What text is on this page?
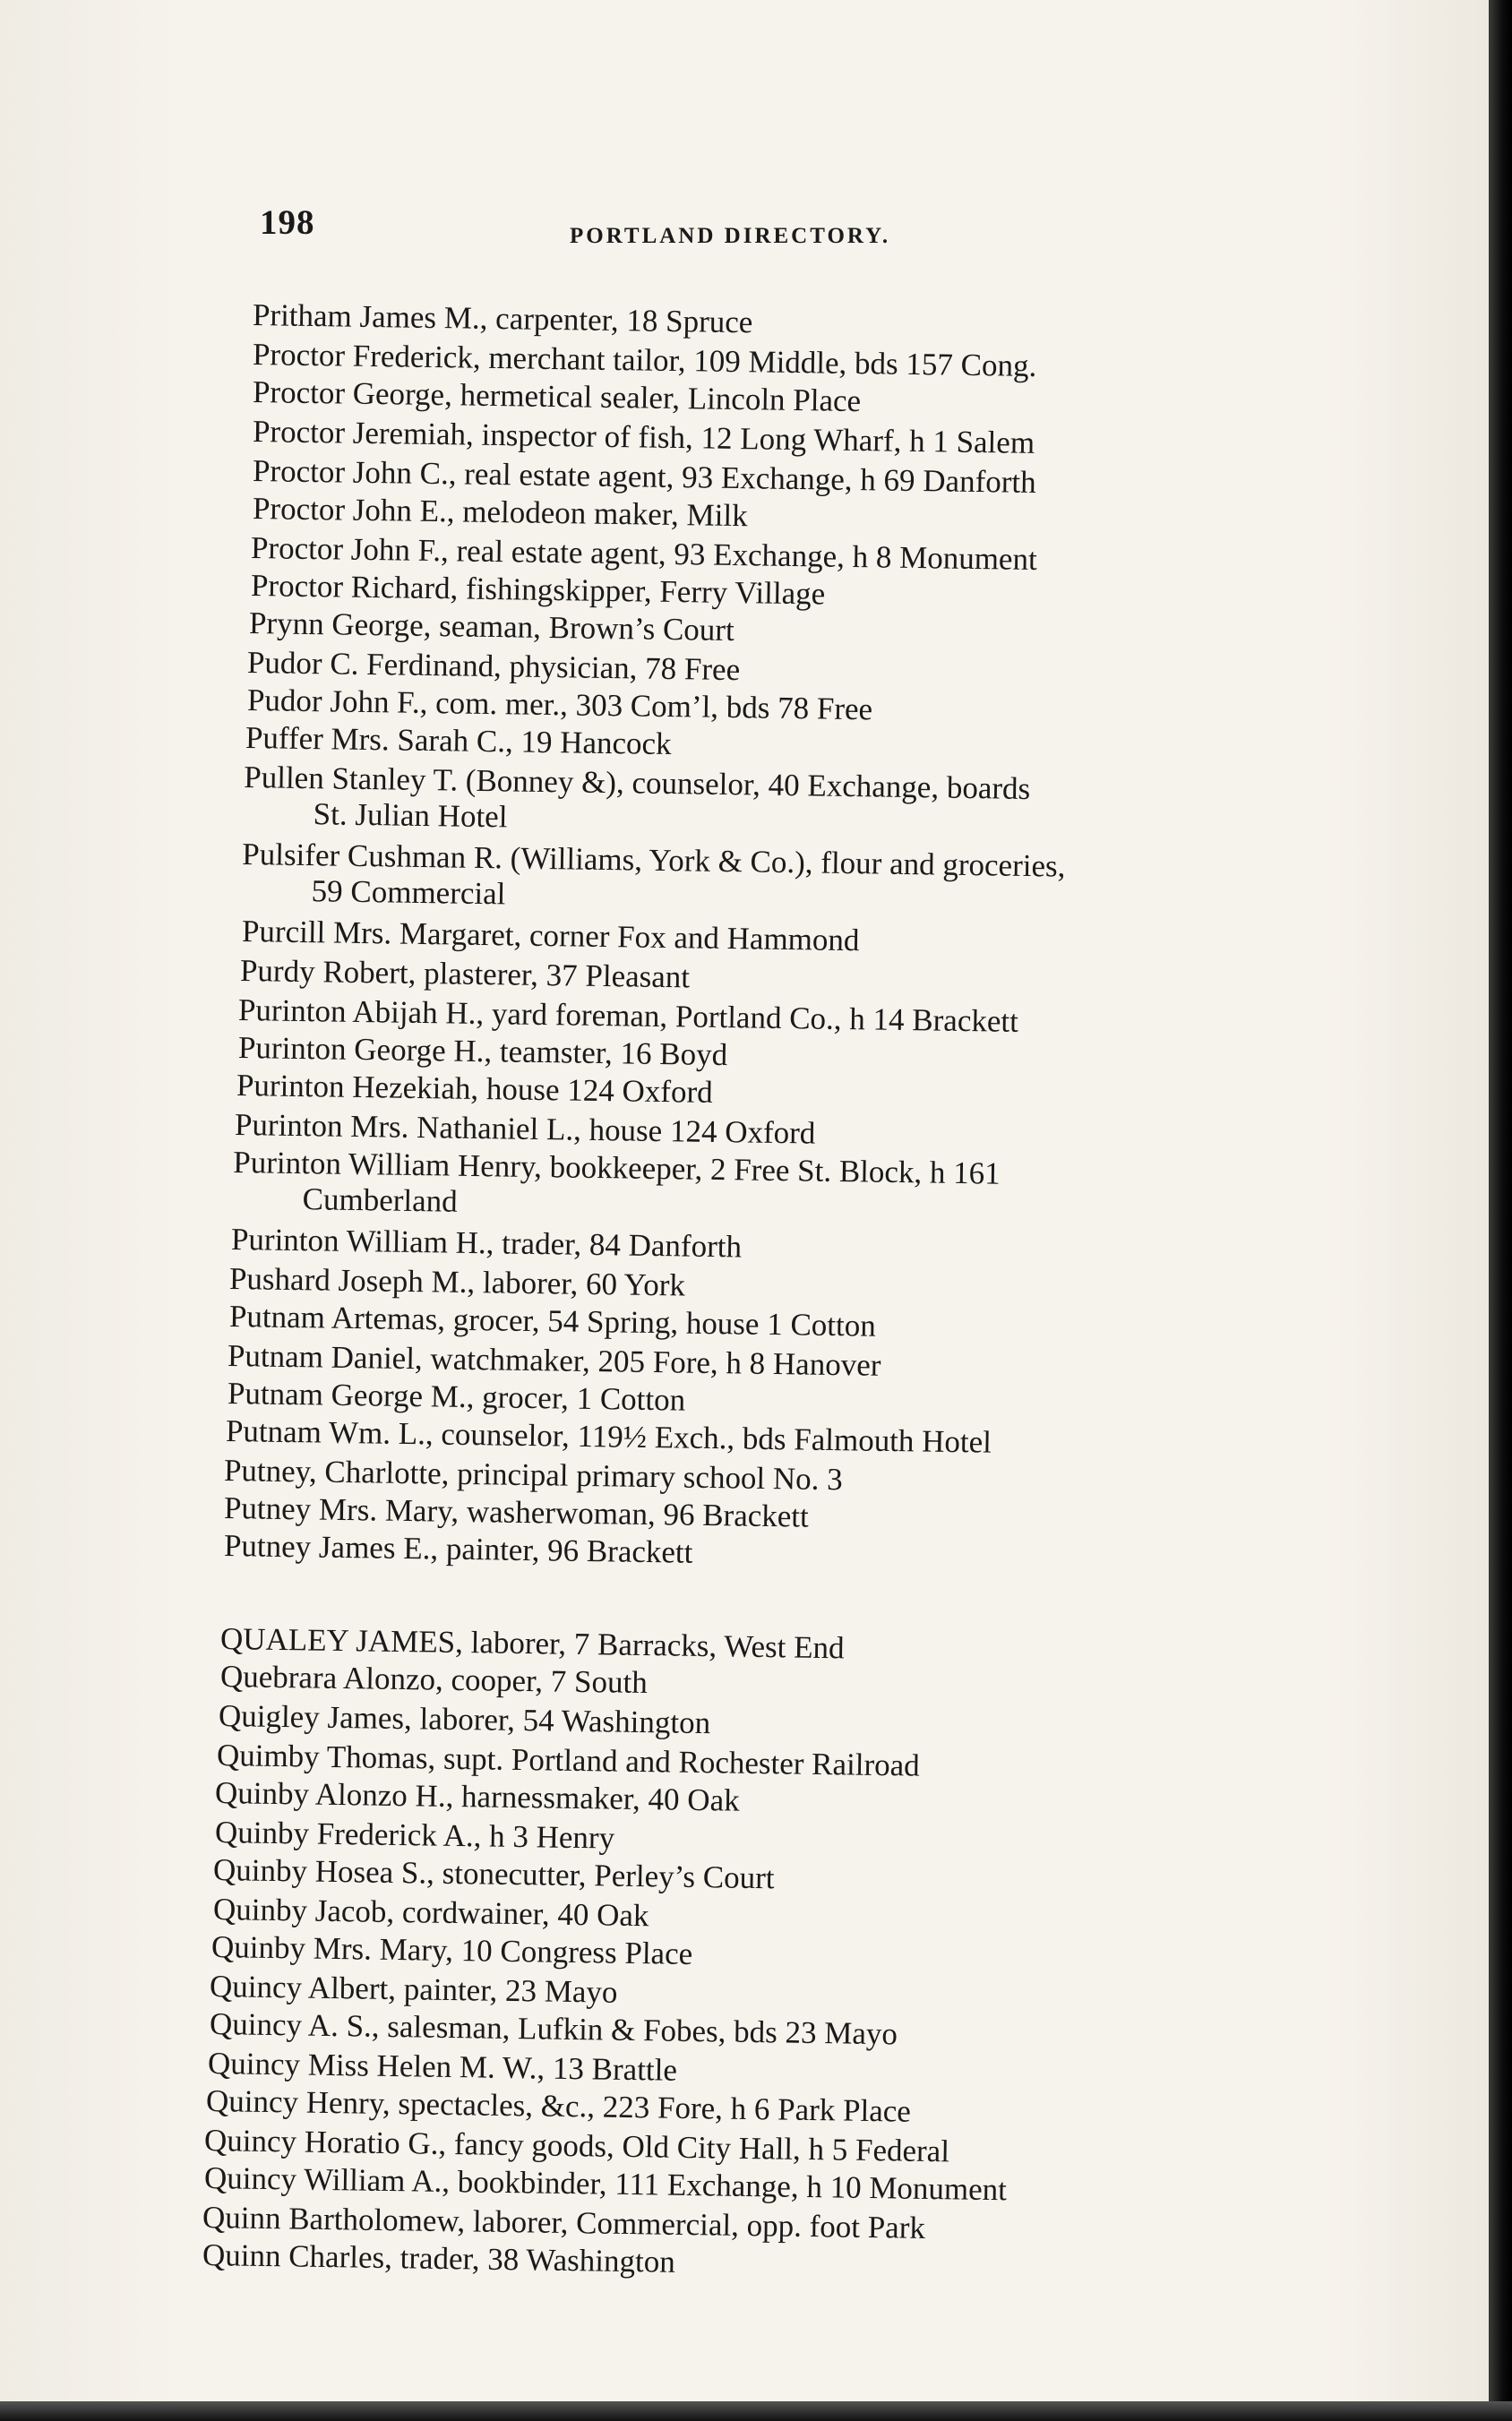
198	PORTLAND DIRECTORY.
Pritham James M., carpenter, 18 Spruce
Proctor Frederick, merchant tailor, 109 Middle, bds 157 Cong.
Proctor George, hermetical sealer, Lincoln Place
Proctor Jeremiah, inspector of fish, 12 Long Wharf, h 1 Salem
Proctor John C., real estate agent, 93 Exchange, h 69 Danforth
Proctor John E., melodeon maker, Milk
Proctor John F., real estate agent, 93 Exchange, h 8 Monument
Proctor Richard, fishingskipper, Ferry Village
Prynn George, seaman, Brown’s Court
Pudor C. Ferdinand, physician, 78 Free
Pudor John F., com. mer., 303 Com’l, bds 78 Free
Puffer Mrs. Sarah C., 19 Hancock
Pullen Stanley T. (Bonney &), counselor, 40 Exchange, boards
St. Julian Hotel
Pulsifer Cushman R. (Williams, York & Co.), flour and groceries,
59 Commercial
Purcill Mrs. Margaret, corner Fox and Hammond
Purdy Robert, plasterer, 37 Pleasant
Purinton Abijah H., yard foreman, Portland Co., h 14 Brackett
Purinton George H., teamster, 16 Boyd
Purinton Hezekiah, house 124 Oxford
Purinton Mrs. Nathaniel L., house 124 Oxford
Purinton William Henry, bookkeeper, 2 Free St. Block, h 161
Cumberland
Purinton William H., trader, 84 Danforth
Pushard Joseph M., laborer, 60 York
Putnam Artemas, grocer, 54 Spring, house 1 Cotton
Putnam Daniel, watchmaker, 205 Fore, h 8 Hanover
Putnam George M., grocer, 1 Cotton
Putnam Wm. L., counselor, 119½ Exch., bds Falmouth Hotel
Putney, Charlotte, principal primary school No. 3
Putney Mrs. Mary, washerwoman, 96 Brackett
Putney James E., painter, 96 Brackett
QUALEY JAMES, laborer, 7 Barracks, West End
Quebrara Alonzo, cooper, 7 South
Quigley James, laborer, 54 Washington
Quimby Thomas, supt. Portland and Rochester Railroad
Quinby Alonzo H., harnessmaker, 40 Oak
Quinby Frederick A., h 3 Henry
Quinby Hosea S., stonecutter, Perley’s Court
Quinby Jacob, cordwainer, 40 Oak
Quinby Mrs. Mary, 10 Congress Place
Quincy Albert, painter, 23 Mayo
Quincy A. S., salesman, Lufkin & Fobes, bds 23 Mayo
Quincy Miss Helen M. W., 13 Brattle
Quincy Henry, spectacles, &c., 223 Fore, h 6 Park Place
Quincy Horatio G., fancy goods, Old City Hall, h 5 Federal
Quincy William A., bookbinder, 111 Exchange, h 10 Monument
Quinn Bartholomew, laborer, Commercial, opp. foot Park
Quinn Charles, trader, 38 Washington
